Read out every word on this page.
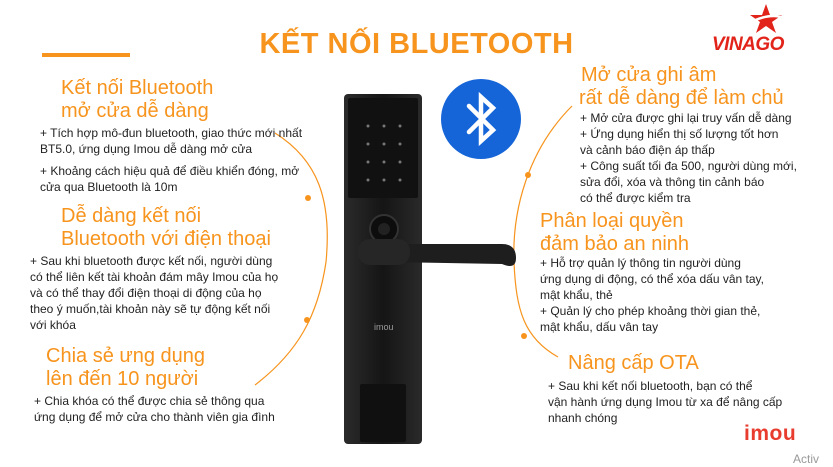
KẾT NỐI BLUETOOTH	VINAGO

Kết nối Bluetooth

mở cửa dễ dàng

+ Tích hợp mô-đun bluetooth, giao thức mới nhất

BT5.0, ứng dụng Imou dễ dàng mở cửa

+ Khoảng cách hiệu quả để điều khiển đóng, mở

cửa qua Bluetooth là 10m

Dễ dàng kết nối

Bluetooth với điện thoại

+ Sau khi bluetooth được kết nối, người dùng

có thể liên kết tài khoản đám mây Imou của họ

và có thể thay đổi điện thoại di động của họ

theo ý muốn,tài khoản này sẽ tự động kết nối

với khóa

Chia sẻ ưng dụng

lên đến 10 người

+ Chia khóa có thể được chia sẻ thông qua

ứng dụng để mở cửa cho thành viên gia đình

imou

Mở cửa ghi âm

rất dễ dàng để làm chủ

+ Mở cửa được ghi lại truy vấn dễ dàng

+ Ứng dụng hiển thị số lượng tốt hơn

và cảnh báo điện áp thấp

+ Công suất tối đa 500, người dùng mới,

sửa đổi, xóa và thông tin cảnh báo

có thể được kiểm tra

Phân loại quyền

đảm bảo an ninh

+ Hỗ trợ quản lý thông tin người dùng

ứng dụng di động, có thể xóa dấu vân tay,

mật khẩu, thẻ

+ Quản lý cho phép khoảng thời gian thẻ,

mật khẩu, dấu vân tay

Nâng cấp OTA

+ Sau khi kết nối bluetooth, bạn có thể

vận hành ứng dụng Imou từ xa để nâng cấp

nhanh chóng

imou
Activ
